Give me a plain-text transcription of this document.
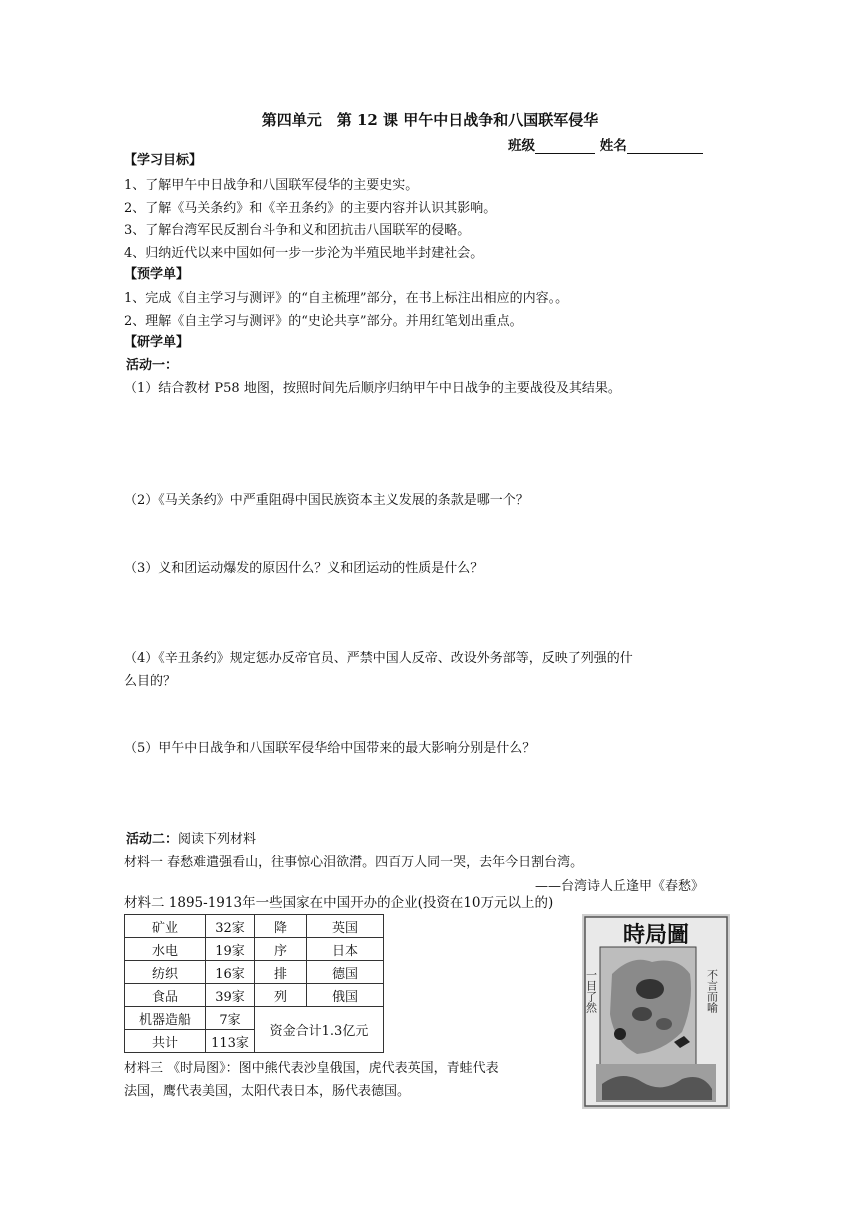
第四单元　第 12 课 甲午中日战争和八国联军侵华
班级	姓名
【学习目标】
1、了解甲午中日战争和八国联军侵华的主要史实。
2、了解《马关条约》和《辛丑条约》的主要内容并认识其影响。
3、了解台湾军民反割台斗争和义和团抗击八国联军的侵略。
4、归纳近代以来中国如何一步一步沦为半殖民地半封建社会。
【预学单】
1、完成《自主学习与测评》的“自主梳理”部分，在书上标注出相应的内容。。
2、理解《自主学习与测评》的“史论共享”部分。并用红笔划出重点。
【研学单】
活动一：
（1）结合教材 P58 地图，按照时间先后顺序归纳甲午中日战争的主要战役及其结果。
（2）《马关条约》中严重阻碍中国民族资本主义发展的条款是哪一个？
（3）义和团运动爆发的原因什么？义和团运动的性质是什么？
（4）《辛丑条约》规定惩办反帝官员、严禁中国人反帝、改设外务部等，反映了列强的什
么目的？
（5）甲午中日战争和八国联军侵华给中国带来的最大影响分别是什么？
活动二：阅读下列材料
材料一 春愁难遣强看山，往事惊心泪欲潸。四百万人同一哭，去年今日割台湾。
——台湾诗人丘逢甲《春愁》
材料二 1895-1913年一些国家在中国开办的企业(投资在10万元以上的)
矿业	32家	降	英国
水电	19家	序	日本
纺织	16家	排	德国
食品	39家	列	俄国
机器造船	7家	资金合计1.3亿元	
共计	113家		
材料三 《时局图》：图中熊代表沙皇俄国，虎代表英国，青蛙代表
法国，鹰代表美国，太阳代表日本，肠代表德国。
時局圖
一目了然	不言而喻
